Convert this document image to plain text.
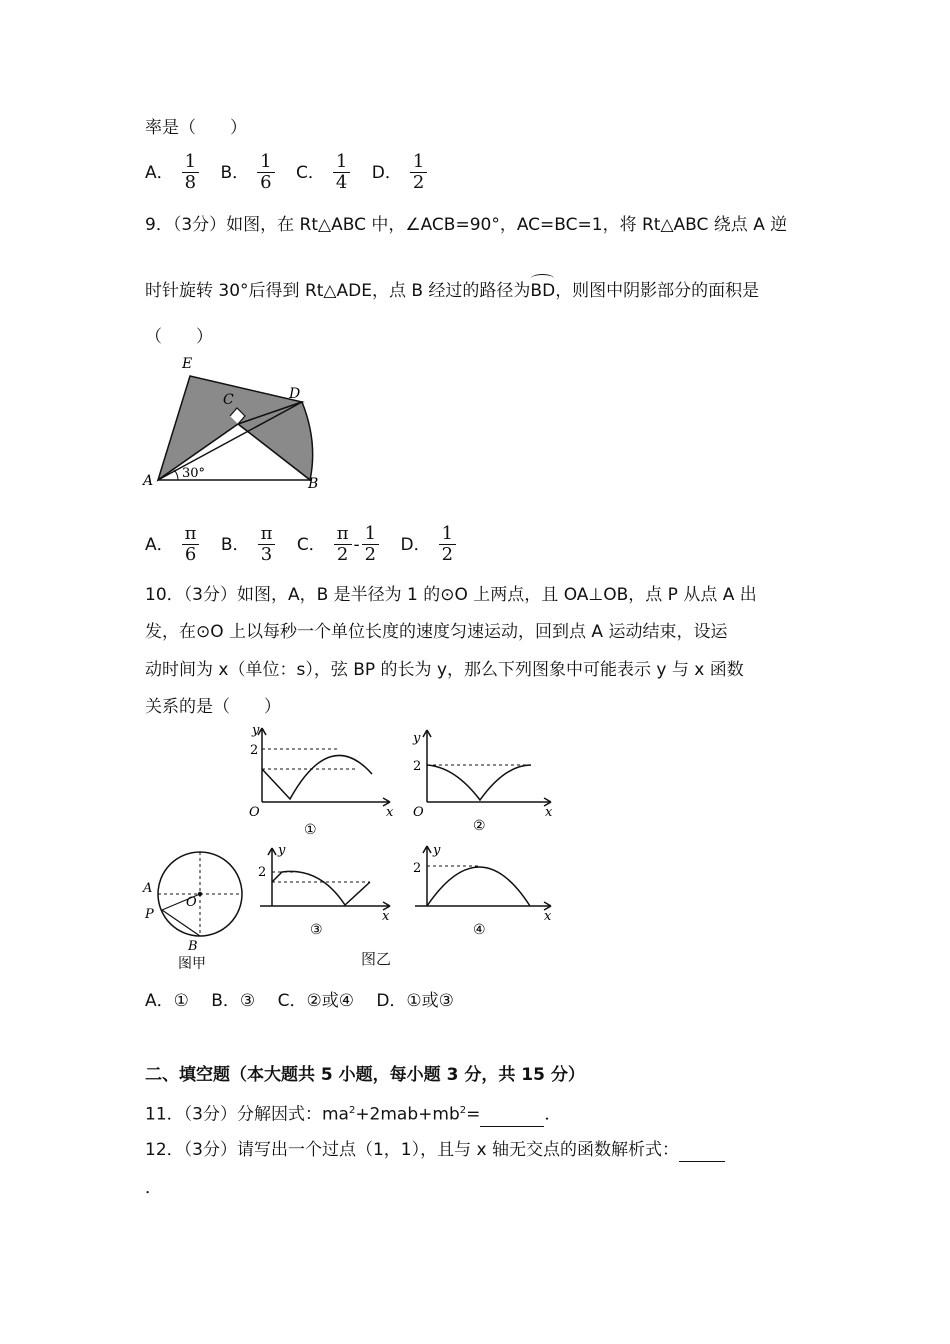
率是（　　）
A． $\frac{1}{8}$ B． $\frac{1}{6}$ C． $\frac{1}{4}$ D． $\frac{1}{2}$
9．（3分）如图，在 Rt△ABC 中，∠ACB=90°，AC=BC=1，将 Rt△ABC 绕点 A 逆
时针旋转 30°后得到 Rt△ADE，点 B 经过的路径为BD，则图中阴影部分的面积是
（　　）
E
C	D
A	B
30°
A． $\frac{\pi}{6}$ B． $\frac{\pi}{3}$ C． $\frac{\pi}{2} - \frac{1}{2}$ D． $\frac{1}{2}$
10．（3分）如图，A，B 是半径为 1 的⊙O 上两点，且 OA⊥OB，点 P 从点 A 出
发，在⊙O 上以每秒一个单位长度的速度匀速运动，回到点 A 运动结束，设运
动时间为 x（单位：s），弦 BP 的长为 y，那么下列图象中可能表示 y 与 x 函数
关系的是（　　）
y
2
O	x
①
y
2
O	x
②
A
P
O
B
图甲
y
2
x
③
y
2
x
④
图乙
A．①　 B．③　 C．②或④　 D．①或③
二、填空题（本大题共 5 小题，每小题 3 分，共 15 分）
11．（3分）分解因式：$ma^2+2mab+mb^2=$	．
12．（3分）请写出一个过点（1，1），且与 x 轴无交点的函数解析式：
．
